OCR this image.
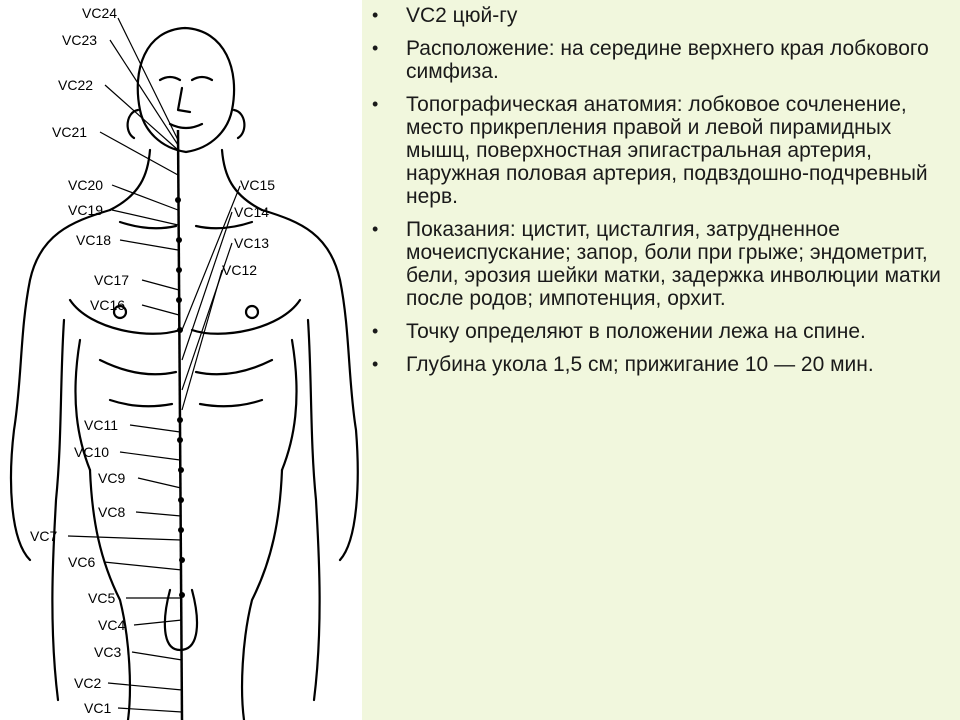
VC24
VC23
VC22
VC21
VC20
VC19
VC18
VC17
VC16
VC15
VC14
VC13
VC12
VC11
VC10
VC9
VC8
VC7
VC6
VC5
VC4
VC3
VC2
VC1
• VC2 цюй-гу
• Расположение: на середине верхнего края лобкового симфиза.
• Топографическая анатомия: лобковое сочленение, место прикрепления правой и левой пирамидных мышц, поверхностная эпигастральная артерия, наружная половая артерия, подвздошно-подчревный нерв.
• Показания: цистит, цисталгия, затрудненное мочеиспускание; запор, боли при грыже; эндометрит, бели, эрозия шейки матки, задержка инволюции матки после родов; импотенция, орхит.
• Точку определяют в положении лежа на спине.
• Глубина укола 1,5 см; прижигание 10 — 20 мин.
